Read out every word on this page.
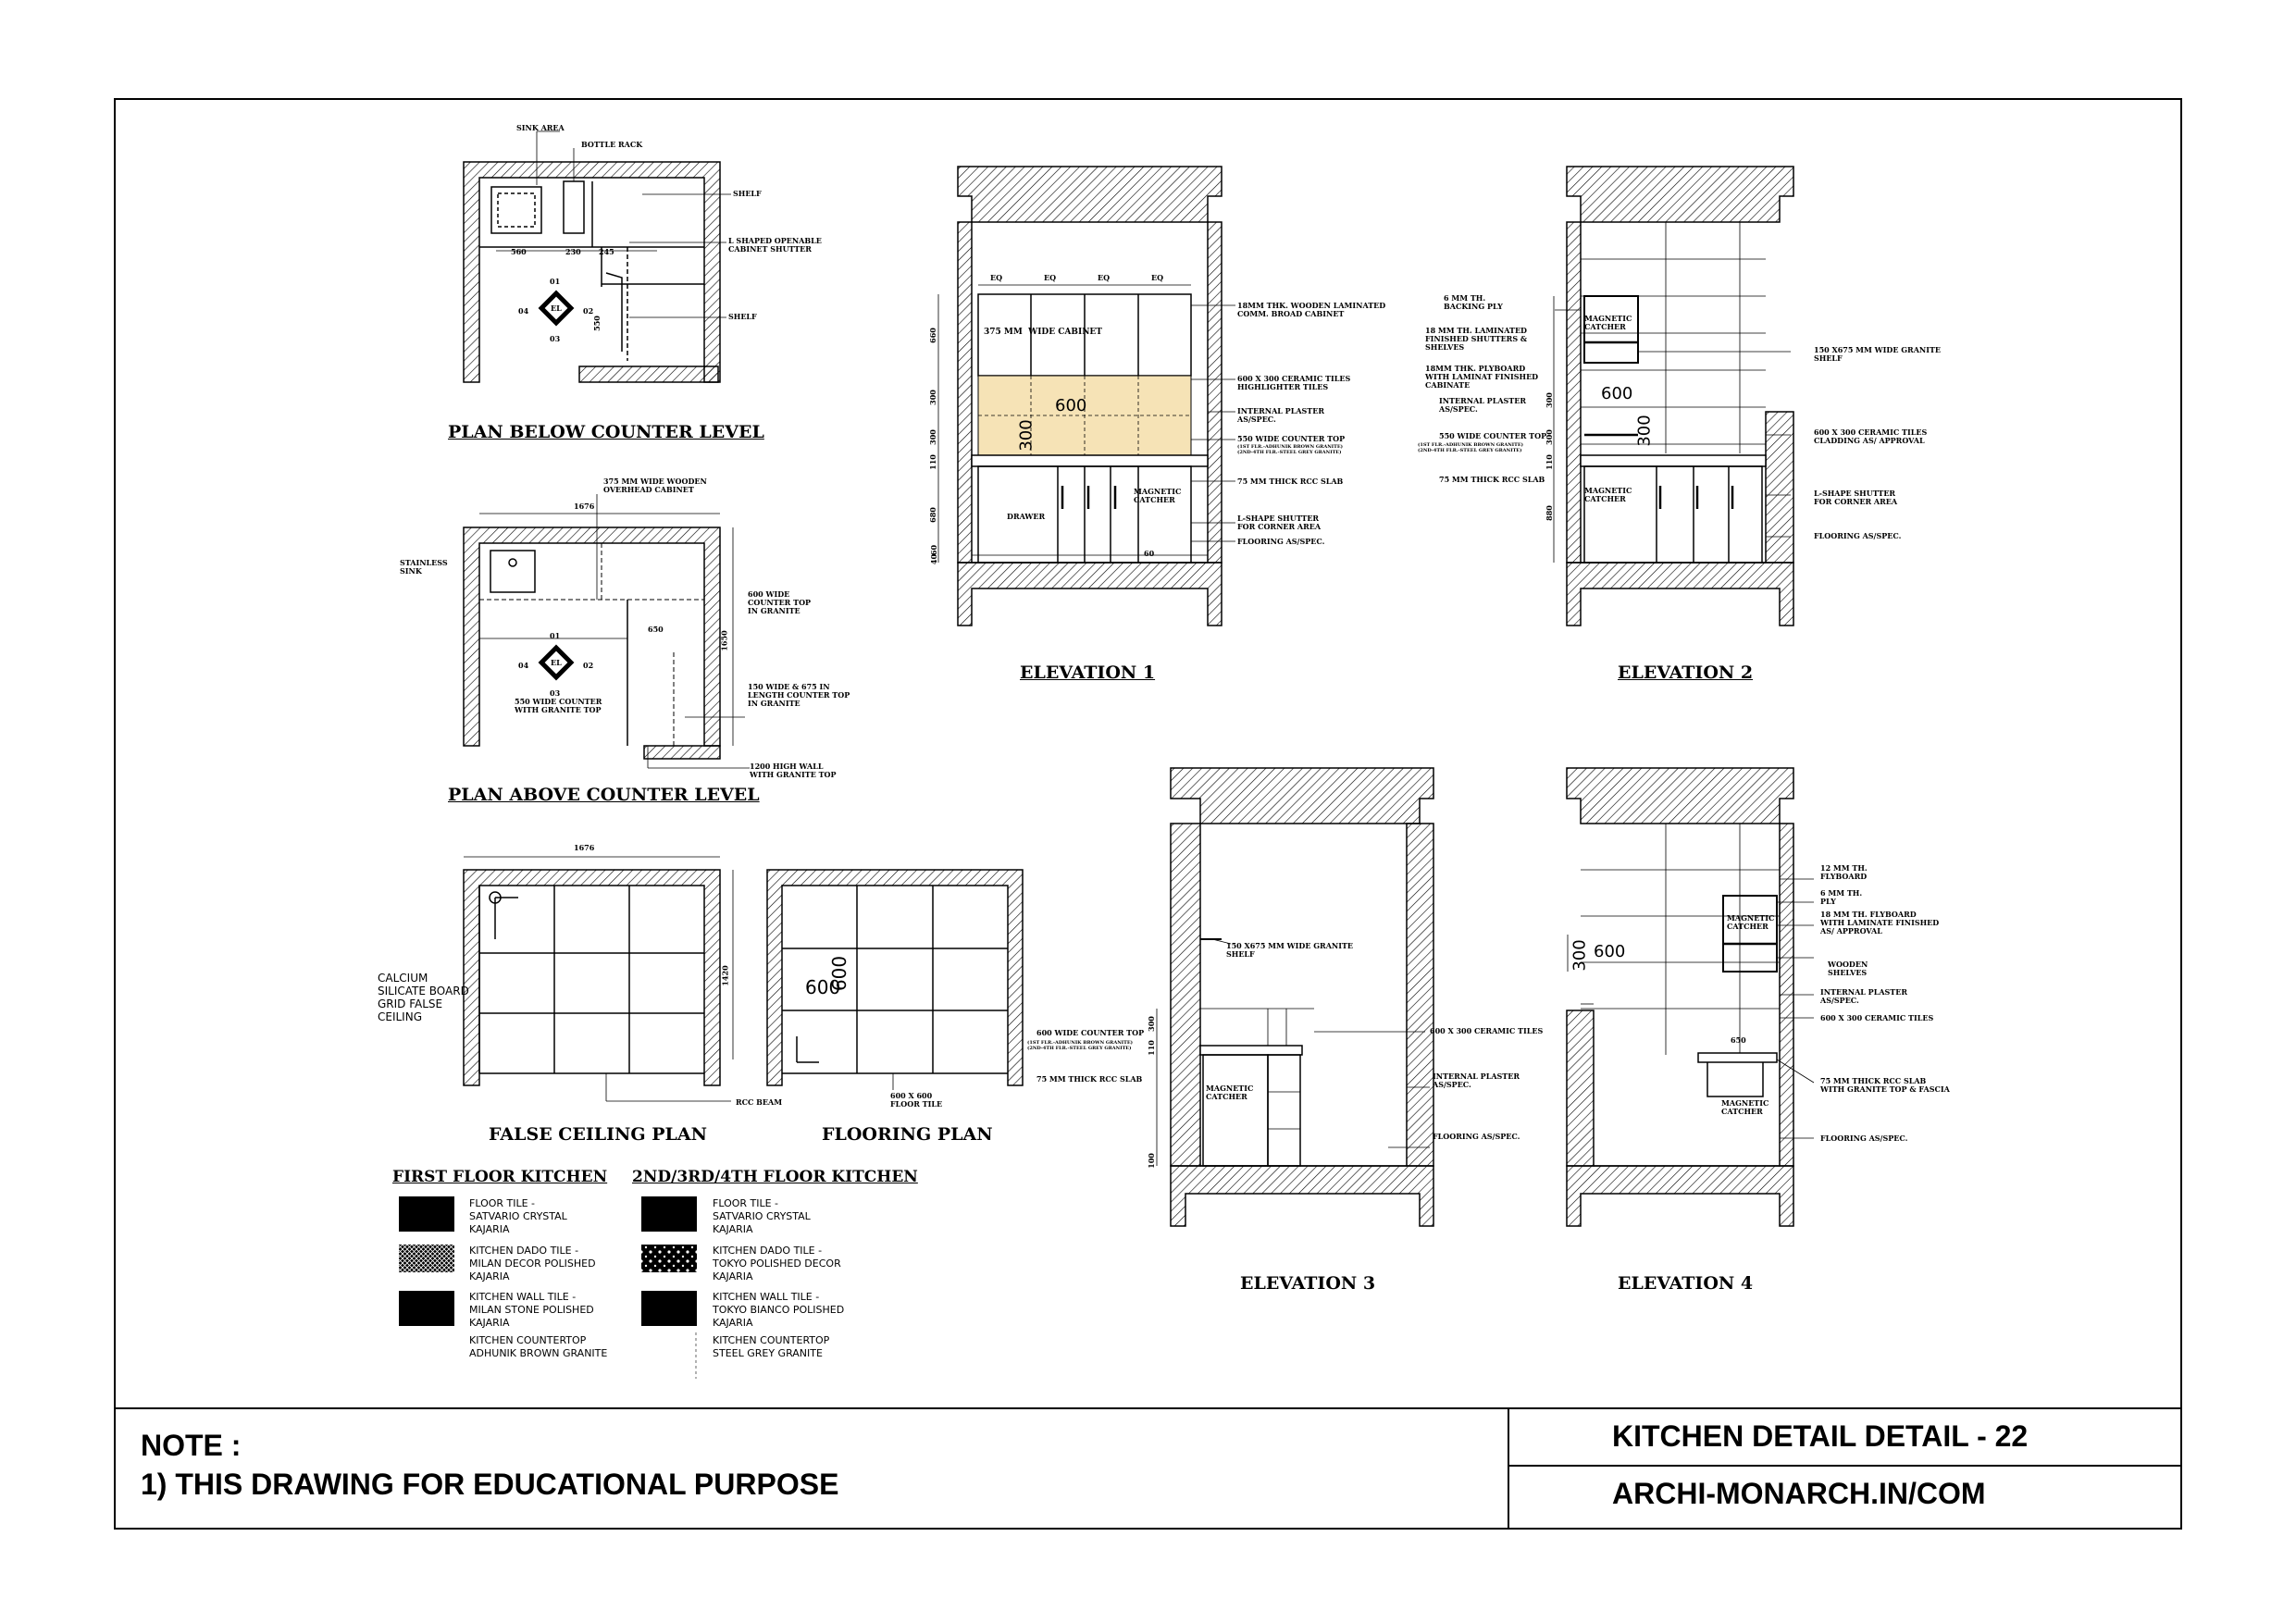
SINK AREA
BOTTLE RACK
SHELF
L SHAPED OPENABLE
CABINET SHUTTER
SHELF
560	230 245
550
EL
01
02
03
04
PLAN BELOW COUNTER LEVEL
375 MM WIDE WOODEN
OVERHEAD CABINET
1676
STAINLESS
SINK
600 WIDE
COUNTER TOP
IN GRANITE
650
1650
150 WIDE & 675 IN
LENGTH COUNTER TOP
IN GRANITE
550 WIDE COUNTER
WITH GRANITE TOP
1200 HIGH WALL
WITH GRANITE TOP
EL
01
02
03
04
PLAN ABOVE COUNTER LEVEL
1676
1420
CALCIUM
SILICATE BOARD
GRID FALSE
CEILING
RCC BEAM
FALSE CEILING PLAN
600
600
600 X 600
FLOOR TILE
FLOORING PLAN
EQ	EQ	EQ	EQ
375 MM  WIDE CABINET
600
300
DRAWER
MAGNETIC
CATCHER
18MM THK. WOODEN LAMINATED
COMM. BROAD CABINET
600 X 300 CERAMIC TILES
HIGHLIGHTER TILES
INTERNAL PLASTER
AS/SPEC.
550 WIDE COUNTER TOP
(1ST FLR.-ADHUNIK BROWN GRANITE)
(2ND-4TH FLR.-STEEL GREY GRANITE)
75 MM THICK RCC SLAB
L-SHAPE SHUTTER
FOR CORNER AREA
FLOORING AS/SPEC.
660
300
300
110
680
60
40
60
ELEVATION 1
6 MM TH.
BACKING PLY
18 MM TH. LAMINATED
FINISHED SHUTTERS &
SHELVES
18MM THK. PLYBOARD
WITH LAMINAT FINISHED
CABINATE
INTERNAL PLASTER
AS/SPEC.
550 WIDE COUNTER TOP
(1ST FLR.-ADHUNIK BROWN GRANITE)
(2ND-4TH FLR.-STEEL GREY GRANITE)
75 MM THICK RCC SLAB
MAGNETIC
CATCHER
MAGNETIC
CATCHER
150 X675 MM WIDE GRANITE
SHELF
600 X 300 CERAMIC TILES
CLADDING AS/ APPROVAL
L-SHAPE SHUTTER
FOR CORNER AREA
FLOORING AS/SPEC.
600
300
300
300
110
880
ELEVATION 2
150 X675 MM WIDE GRANITE
SHELF
600 WIDE COUNTER TOP
(1ST FLR.-ADHUNIK BROWN GRANITE)
(2ND-4TH FLR.-STEEL GREY GRANITE)
600 X 300 CERAMIC TILES
75 MM THICK RCC SLAB
MAGNETIC
CATCHER
INTERNAL PLASTER
AS/SPEC.
FLOORING AS/SPEC.
300
110
100
ELEVATION 3
12 MM TH.
FLYBOARD
6 MM TH.
PLY
18 MM TH. FLYBOARD
WITH LAMINATE FINISHED
AS/ APPROVAL
MAGNETIC
CATCHER
WOODEN
SHELVES
INTERNAL PLASTER
AS/SPEC.
600 X 300 CERAMIC TILES
650
75 MM THICK RCC SLAB
WITH GRANITE TOP & FASCIA
MAGNETIC
CATCHER
FLOORING AS/SPEC.
600
300
ELEVATION 4
FIRST FLOOR KITCHEN
FLOOR TILE -
SATVARIO CRYSTAL
KAJARIA
KITCHEN DADO TILE -
MILAN DECOR POLISHED
KAJARIA
KITCHEN WALL TILE -
MILAN STONE POLISHED
KAJARIA
KITCHEN COUNTERTOP
ADHUNIK BROWN GRANITE
2ND/3RD/4TH FLOOR KITCHEN
FLOOR TILE -
SATVARIO CRYSTAL
KAJARIA
KITCHEN DADO TILE -
TOKYO POLISHED DECOR
KAJARIA
KITCHEN WALL TILE -
TOKYO BIANCO POLISHED
KAJARIA
KITCHEN COUNTERTOP
STEEL GREY GRANITE
NOTE :
1) THIS DRAWING FOR EDUCATIONAL PURPOSE
KITCHEN DETAIL DETAIL - 22
ARCHI-MONARCH.IN/COM
